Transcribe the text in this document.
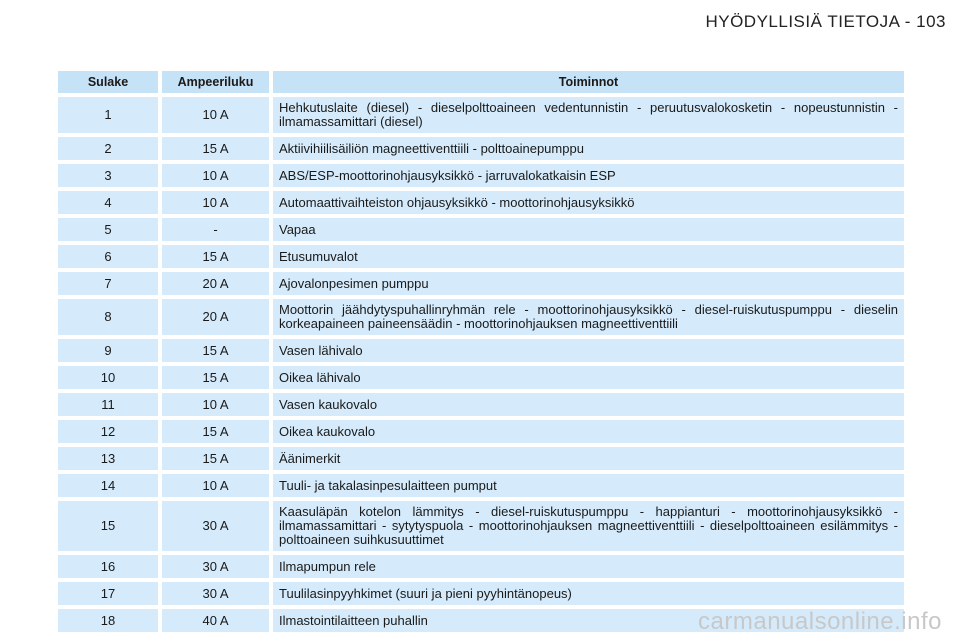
HYÖDYLLISIÄ TIETOJA - 103
Sulake	Ampeeriluku	Toiminnot
1	10 A	Hehkutuslaite (diesel) - dieselpolttoaineen vedentunnistin - peruutusvalokosketin - nopeustunnistin - ilmamassamittari (diesel)
2	15 A	Aktiivihiilisäiliön magneettiventtiili - polttoainepumppu
3	10 A	ABS/ESP-moottorinohjausyksikkö - jarruvalokatkaisin ESP
4	10 A	Automaattivaihteiston ohjausyksikkö - moottorinohjausyksikkö
5	-	Vapaa
6	15 A	Etusumuvalot
7	20 A	Ajovalonpesimen pumppu
8	20 A	Moottorin jäähdytyspuhallinryhmän rele - moottorinohjausyksikkö - diesel-ruiskutuspumppu - dieselin korkeapaineen paineensäädin - moottorinohjauksen magneettiventtiili
9	15 A	Vasen lähivalo
10	15 A	Oikea lähivalo
11	10 A	Vasen kaukovalo
12	15 A	Oikea kaukovalo
13	15 A	Äänimerkit
14	10 A	Tuuli- ja takalasinpesulaitteen pumput
15	30 A	Kaasuläpän kotelon lämmitys - diesel-ruiskutuspumppu - happianturi - moottorinohjausyksikkö - ilmamassamittari - sytytyspuola - moottorinohjauksen magneettiventtiili - dieselpolttoaineen esilämmitys - polttoaineen suihkusuuttimet
16	30 A	Ilmapumpun rele
17	30 A	Tuulilasinpyyhkimet (suuri ja pieni pyyhintänopeus)
18	40 A	Ilmastointilaitteen puhallin	carmanualsonline.info
